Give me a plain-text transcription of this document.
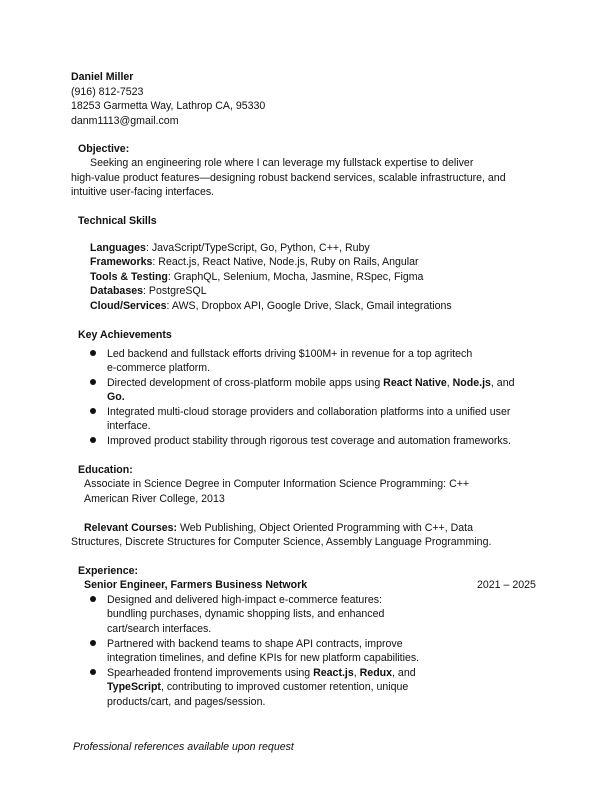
Daniel Miller
(916) 812-7523
18253 Garmetta Way, Lathrop CA, 95330
danm1113@gmail.com
Objective:
Seeking an engineering role where I can leverage my fullstack expertise to deliver
high-value product features—designing robust backend services, scalable infrastructure, and
intuitive user-facing interfaces.
Technical Skills
Languages: JavaScript/TypeScript, Go, Python, C++, Ruby
Frameworks: React.js, React Native, Node.js, Ruby on Rails, Angular
Tools & Testing: GraphQL, Selenium, Mocha, Jasmine, RSpec, Figma
Databases: PostgreSQL
Cloud/Services: AWS, Dropbox API, Google Drive, Slack, Gmail integrations
Key Achievements
Led backend and fullstack efforts driving $100M+ in revenue for a top agritech
e-commerce platform.
Directed development of cross-platform mobile apps using React Native, Node.js, and
Go.
Integrated multi-cloud storage providers and collaboration platforms into a unified user
interface.
Improved product stability through rigorous test coverage and automation frameworks.
Education:
Associate in Science Degree in Computer Information Science Programming: C++
American River College, 2013
Relevant Courses: Web Publishing, Object Oriented Programming with C++, Data
Structures, Discrete Structures for Computer Science, Assembly Language Programming.
Experience:
Senior Engineer, Farmers Business Network	2021 – 2025
Designed and delivered high-impact e-commerce features:
bundling purchases, dynamic shopping lists, and enhanced
cart/search interfaces.
Partnered with backend teams to shape API contracts, improve
integration timelines, and define KPIs for new platform capabilities.
Spearheaded frontend improvements using React.js, Redux, and
TypeScript, contributing to improved customer retention, unique
products/cart, and pages/session.
Professional references available upon request
